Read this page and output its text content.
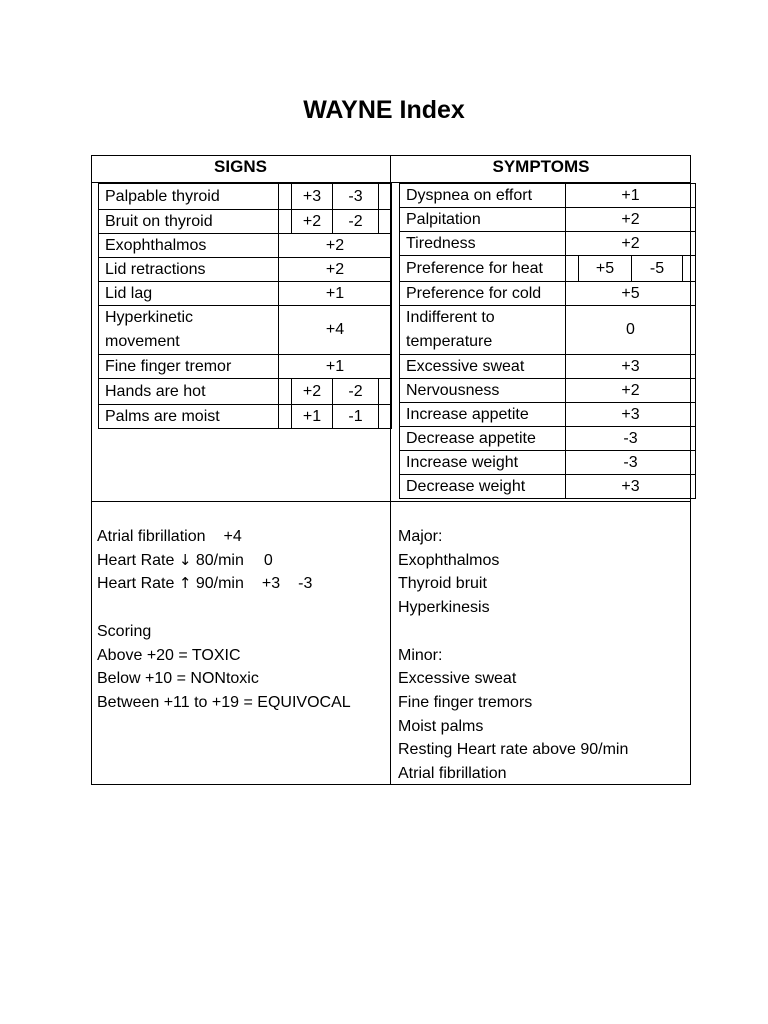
WAYNE Index
SIGNS	SYMPTOMS
Palpable thyroid		+3	-3	
Bruit on thyroid		+2	-2	
Exophthalmos	+2			
Lid retractions	+2			
Lid lag	+1			

Hyperkinetic
movement	+4			
Fine finger tremor	+1			
Hands are hot		+2	-2	
Palms are moist		+1	-1	
Dyspnea on effort	+1			
Palpitation	+2			
Tiredness	+2			
Preference for heat		+5	-5	
Preference for cold	+5			

Indifferent to
temperature	0			
Excessive sweat	+3			
Nervousness	+2			
Increase appetite	+3			
Decrease appetite	-3			
Increase weight	-3			
Decrease weight	+3			
Atrial fibrillation +4
Heart Rate ↓ 80/min 0
Heart Rate ↑ 90/min +3 -3

Scoring
Above +20 = TOXIC
Below +10 = NONtoxic
Between +11 to +19 = EQUIVOCAL
Major:
Exophthalmos
Thyroid bruit
Hyperkinesis

Minor:
Excessive sweat
Fine finger tremors
Moist palms
Resting Heart rate above 90/min
Atrial fibrillation
